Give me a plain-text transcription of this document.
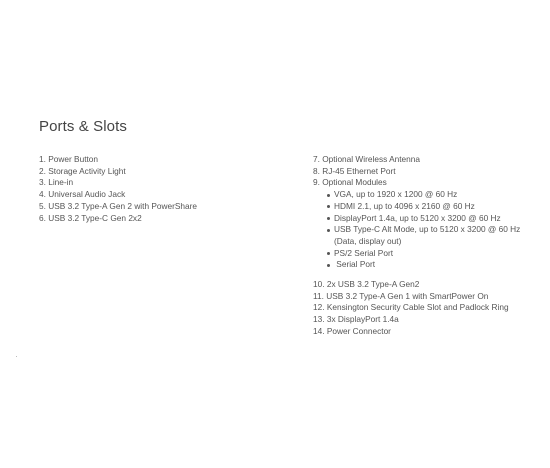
Ports & Slots
1. Power Button
2. Storage Activity Light
3. Line-in
4. Universal Audio Jack
5. USB 3.2 Type-A Gen 2 with PowerShare
6. USB 3.2 Type-C Gen 2x2
7. Optional Wireless Antenna
8. RJ-45 Ethernet Port
9. Optional Modules
VGA, up to 1920 x 1200 @ 60 Hz
HDMI 2.1, up to 4096 x 2160 @ 60 Hz
DisplayPort 1.4a, up to 5120 x 3200 @ 60 Hz
USB Type-C Alt Mode, up to 5120 x 3200 @ 60 Hz (Data, display out)
PS/2 Serial Port
Serial Port
10. 2x USB 3.2 Type-A Gen2
11. USB 3.2 Type-A Gen 1 with SmartPower On
12. Kensington Security Cable Slot and Padlock Ring
13. 3x DisplayPort 1.4a
14. Power Connector
